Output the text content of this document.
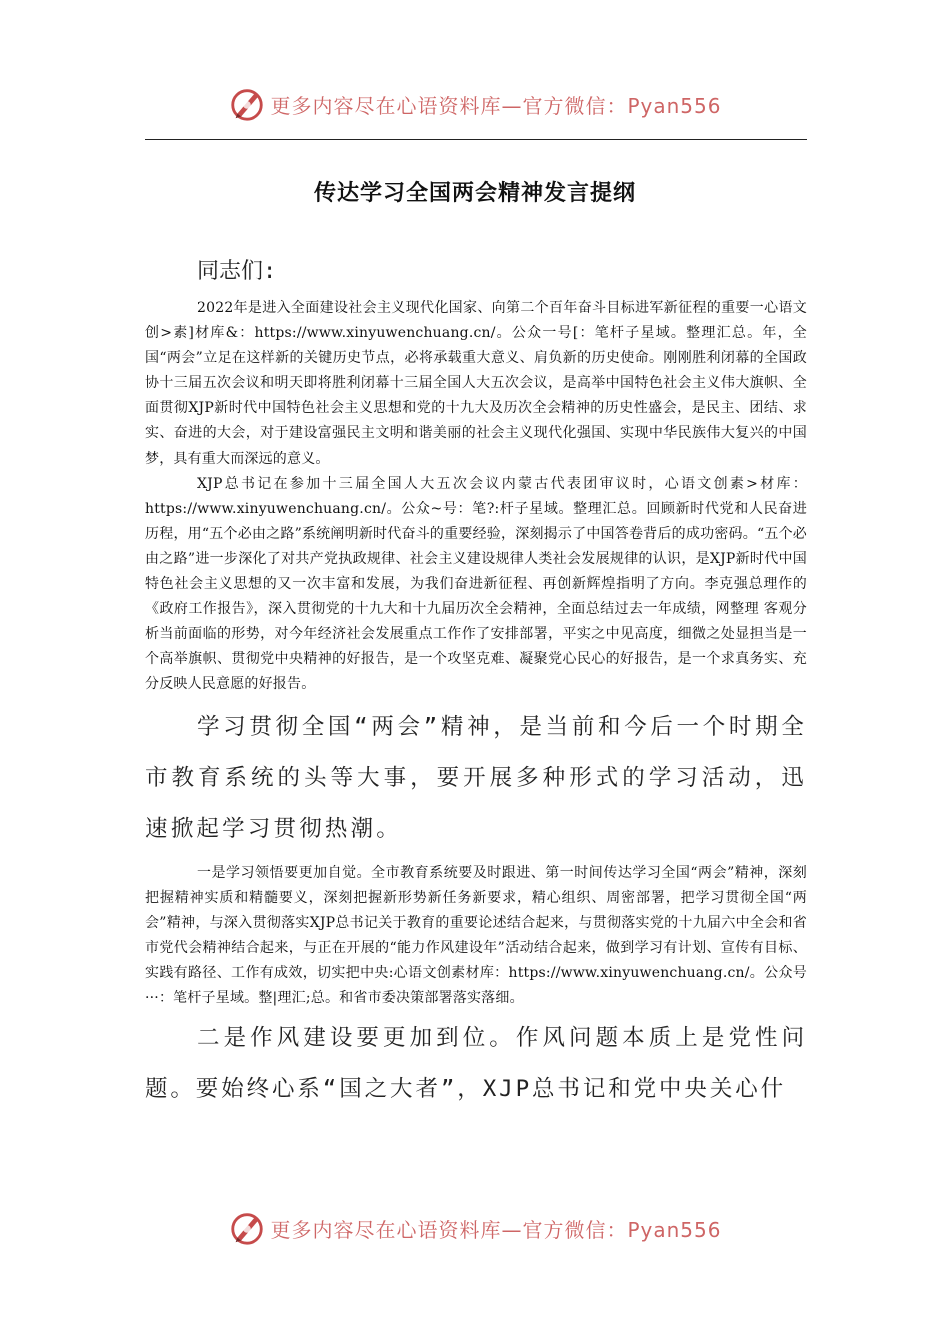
更多内容尽在心语资料库—官方微信：Pyan556
传达学习全国两会精神发言提纲
同志们:

2022年是进入全面建设社会主义现代化国家、向第二个百年奋斗目标进军新征程的重要一心语文创>素]材库&：https://www.xinyuwenchuang.cn/。公众一号[：笔杆子星域。整理汇总。年，全国“两会”立足在这样新的关键历史节点，必将承载重大意义、肩负新的历史使命。刚刚胜利闭幕的全国政协十三届五次会议和明天即将胜利闭幕十三届全国人大五次会议，是高举中国特色社会主义伟大旗帜、全面贯彻XJP新时代中国特色社会主义思想和党的十九大及历次全会精神的历史性盛会，是民主、团结、求实、奋进的大会，对于建设富强民主文明和谐美丽的社会主义现代化强国、实现中华民族伟大复兴的中国梦，具有重大而深远的意义。

XJP总书记在参加十三届全国人大五次会议内蒙古代表团审议时，心语文创素>材库：https://www.xinyuwenchuang.cn/。公众~号：笔?:杆子星域。整理汇总。回顾新时代党和人民奋进历程，用“五个必由之路”系统阐明新时代奋斗的重要经验，深刻揭示了中国答卷背后的成功密码。“五个必由之路”进一步深化了对共产党执政规律、社会主义建设规律人类社会发展规律的认识，是XJP新时代中国特色社会主义思想的又一次丰富和发展，为我们奋进新征程、再创新辉煌指明了方向。李克强总理作的《政府工作报告》，深入贯彻党的十九大和十九届历次全会精神，全面总结过去一年成绩，网整理 客观分析当前面临的形势，对今年经济社会发展重点工作作了安排部署，平实之中见高度，细微之处显担当是一个高举旗帜、贯彻党中央精神的好报告，是一个攻坚克难、凝聚党心民心的好报告，是一个求真务实、充分反映人民意愿的好报告。

学习贯彻全国“两会”精神，是当前和今后一个时期全市教育系统的头等大事，要开展多种形式的学习活动，迅速掀起学习贯彻热潮。

一是学习领悟要更加自觉。全市教育系统要及时跟进、第一时间传达学习全国“两会”精神，深刻把握精神实质和精髓要义，深刻把握新形势新任务新要求，精心组织、周密部署，把学习贯彻全国“两会”精神，与深入贯彻落实XJP总书记关于教育的重要论述结合起来，与贯彻落实党的十九届六中全会和省市党代会精神结合起来，与正在开展的“能力作风建设年”活动结合起来，做到学习有计划、宣传有目标、实践有路径、工作有成效，切实把中央:心语文创素材库：https://www.xinyuwenchuang.cn/。公众号···：笔杆子星域。整|理汇;总。和省市委决策部署落实落细。

二是作风建设要更加到位。作风问题本质上是党性问题。要始终心系“国之大者”，XJP总书记和党中央关心什

更多内容尽在心语资料库—官方微信：Pyan556
